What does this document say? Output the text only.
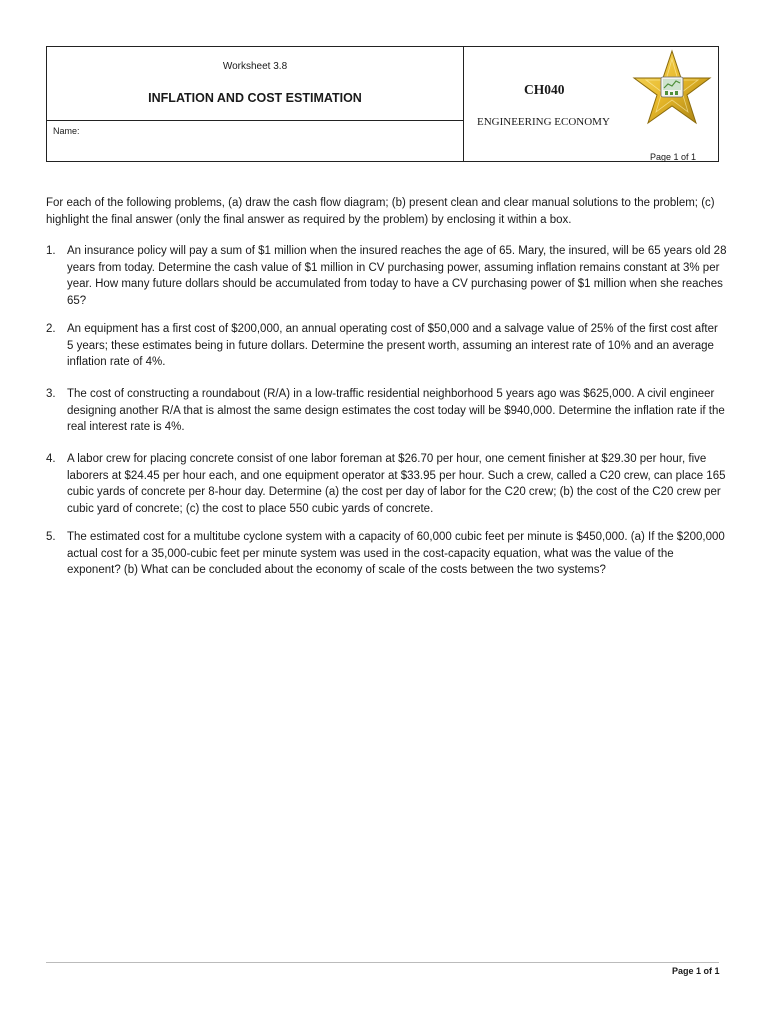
Worksheet 3.8
INFLATION AND COST ESTIMATION
Name:
CH040
ENGINEERING ECONOMY
Page 1 of 1
For each of the following problems, (a) draw the cash flow diagram; (b) present clean and clear manual solutions to the problem; (c) highlight the final answer (only the final answer as required by the problem) by enclosing it within a box.
1. An insurance policy will pay a sum of $1 million when the insured reaches the age of 65. Mary, the insured, will be 65 years old 28 years from today. Determine the cash value of $1 million in CV purchasing power, assuming inflation remains constant at 3% per year. How many future dollars should be accumulated from today to have a CV purchasing power of $1 million when she reaches 65?
2. An equipment has a first cost of $200,000, an annual operating cost of $50,000 and a salvage value of 25% of the first cost after 5 years; these estimates being in future dollars. Determine the present worth, assuming an interest rate of 10% and an average inflation rate of 4%.
3. The cost of constructing a roundabout (R/A) in a low-traffic residential neighborhood 5 years ago was $625,000. A civil engineer designing another R/A that is almost the same design estimates the cost today will be $940,000. Determine the inflation rate if the real interest rate is 4%.
4. A labor crew for placing concrete consist of one labor foreman at $26.70 per hour, one cement finisher at $29.30 per hour, five laborers at $24.45 per hour each, and one equipment operator at $33.95 per hour. Such a crew, called a C20 crew, can place 165 cubic yards of concrete per 8-hour day. Determine (a) the cost per day of labor for the C20 crew; (b) the cost of the C20 crew per cubic yard of concrete; (c) the cost to place 550 cubic yards of concrete.
5. The estimated cost for a multitube cyclone system with a capacity of 60,000 cubic feet per minute is $450,000. (a) If the $200,000 actual cost for a 35,000-cubic feet per minute system was used in the cost-capacity equation, what was the value of the exponent? (b) What can be concluded about the economy of scale of the costs between the two systems?
Page 1 of 1
